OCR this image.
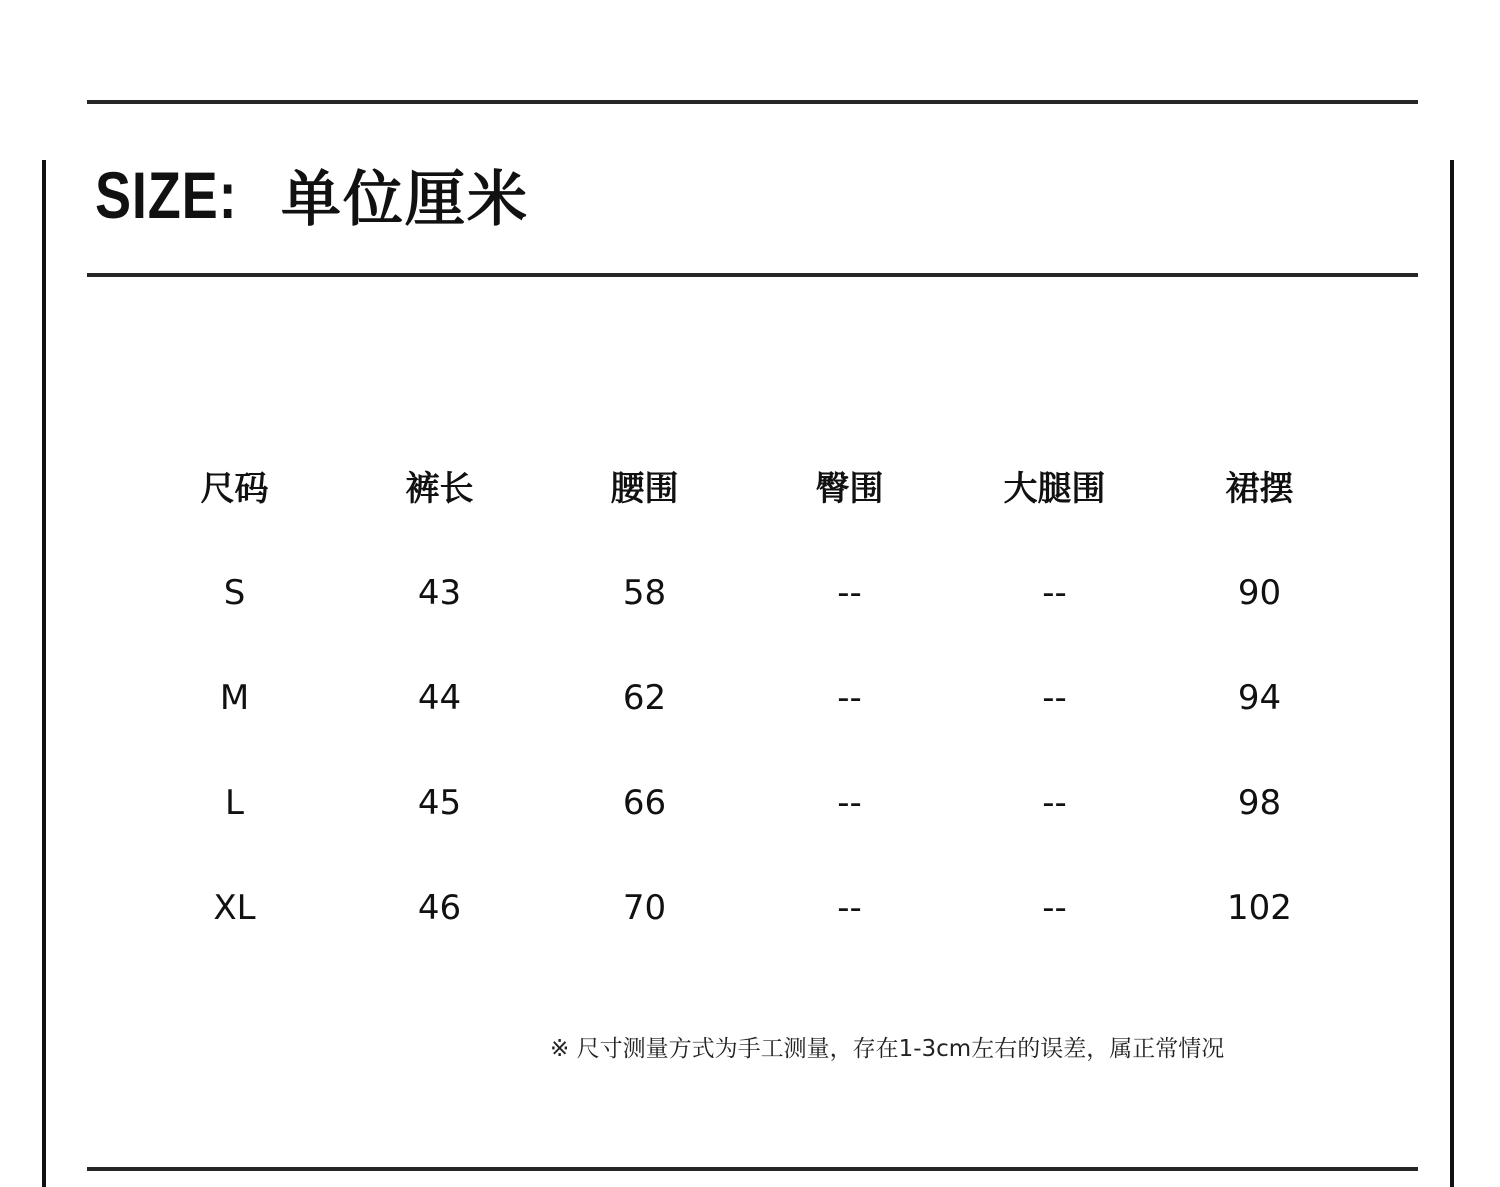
SIZE: 单位厘米
尺码	裤长	腰围	臀围	大腿围	裙摆
S	43	58	--	--	90
M	44	62	--	--	94
L	45	66	--	--	98
XL	46	70	--	--	102
※ 尺寸测量方式为手工测量，存在1-3cm左右的误差，属正常情况
